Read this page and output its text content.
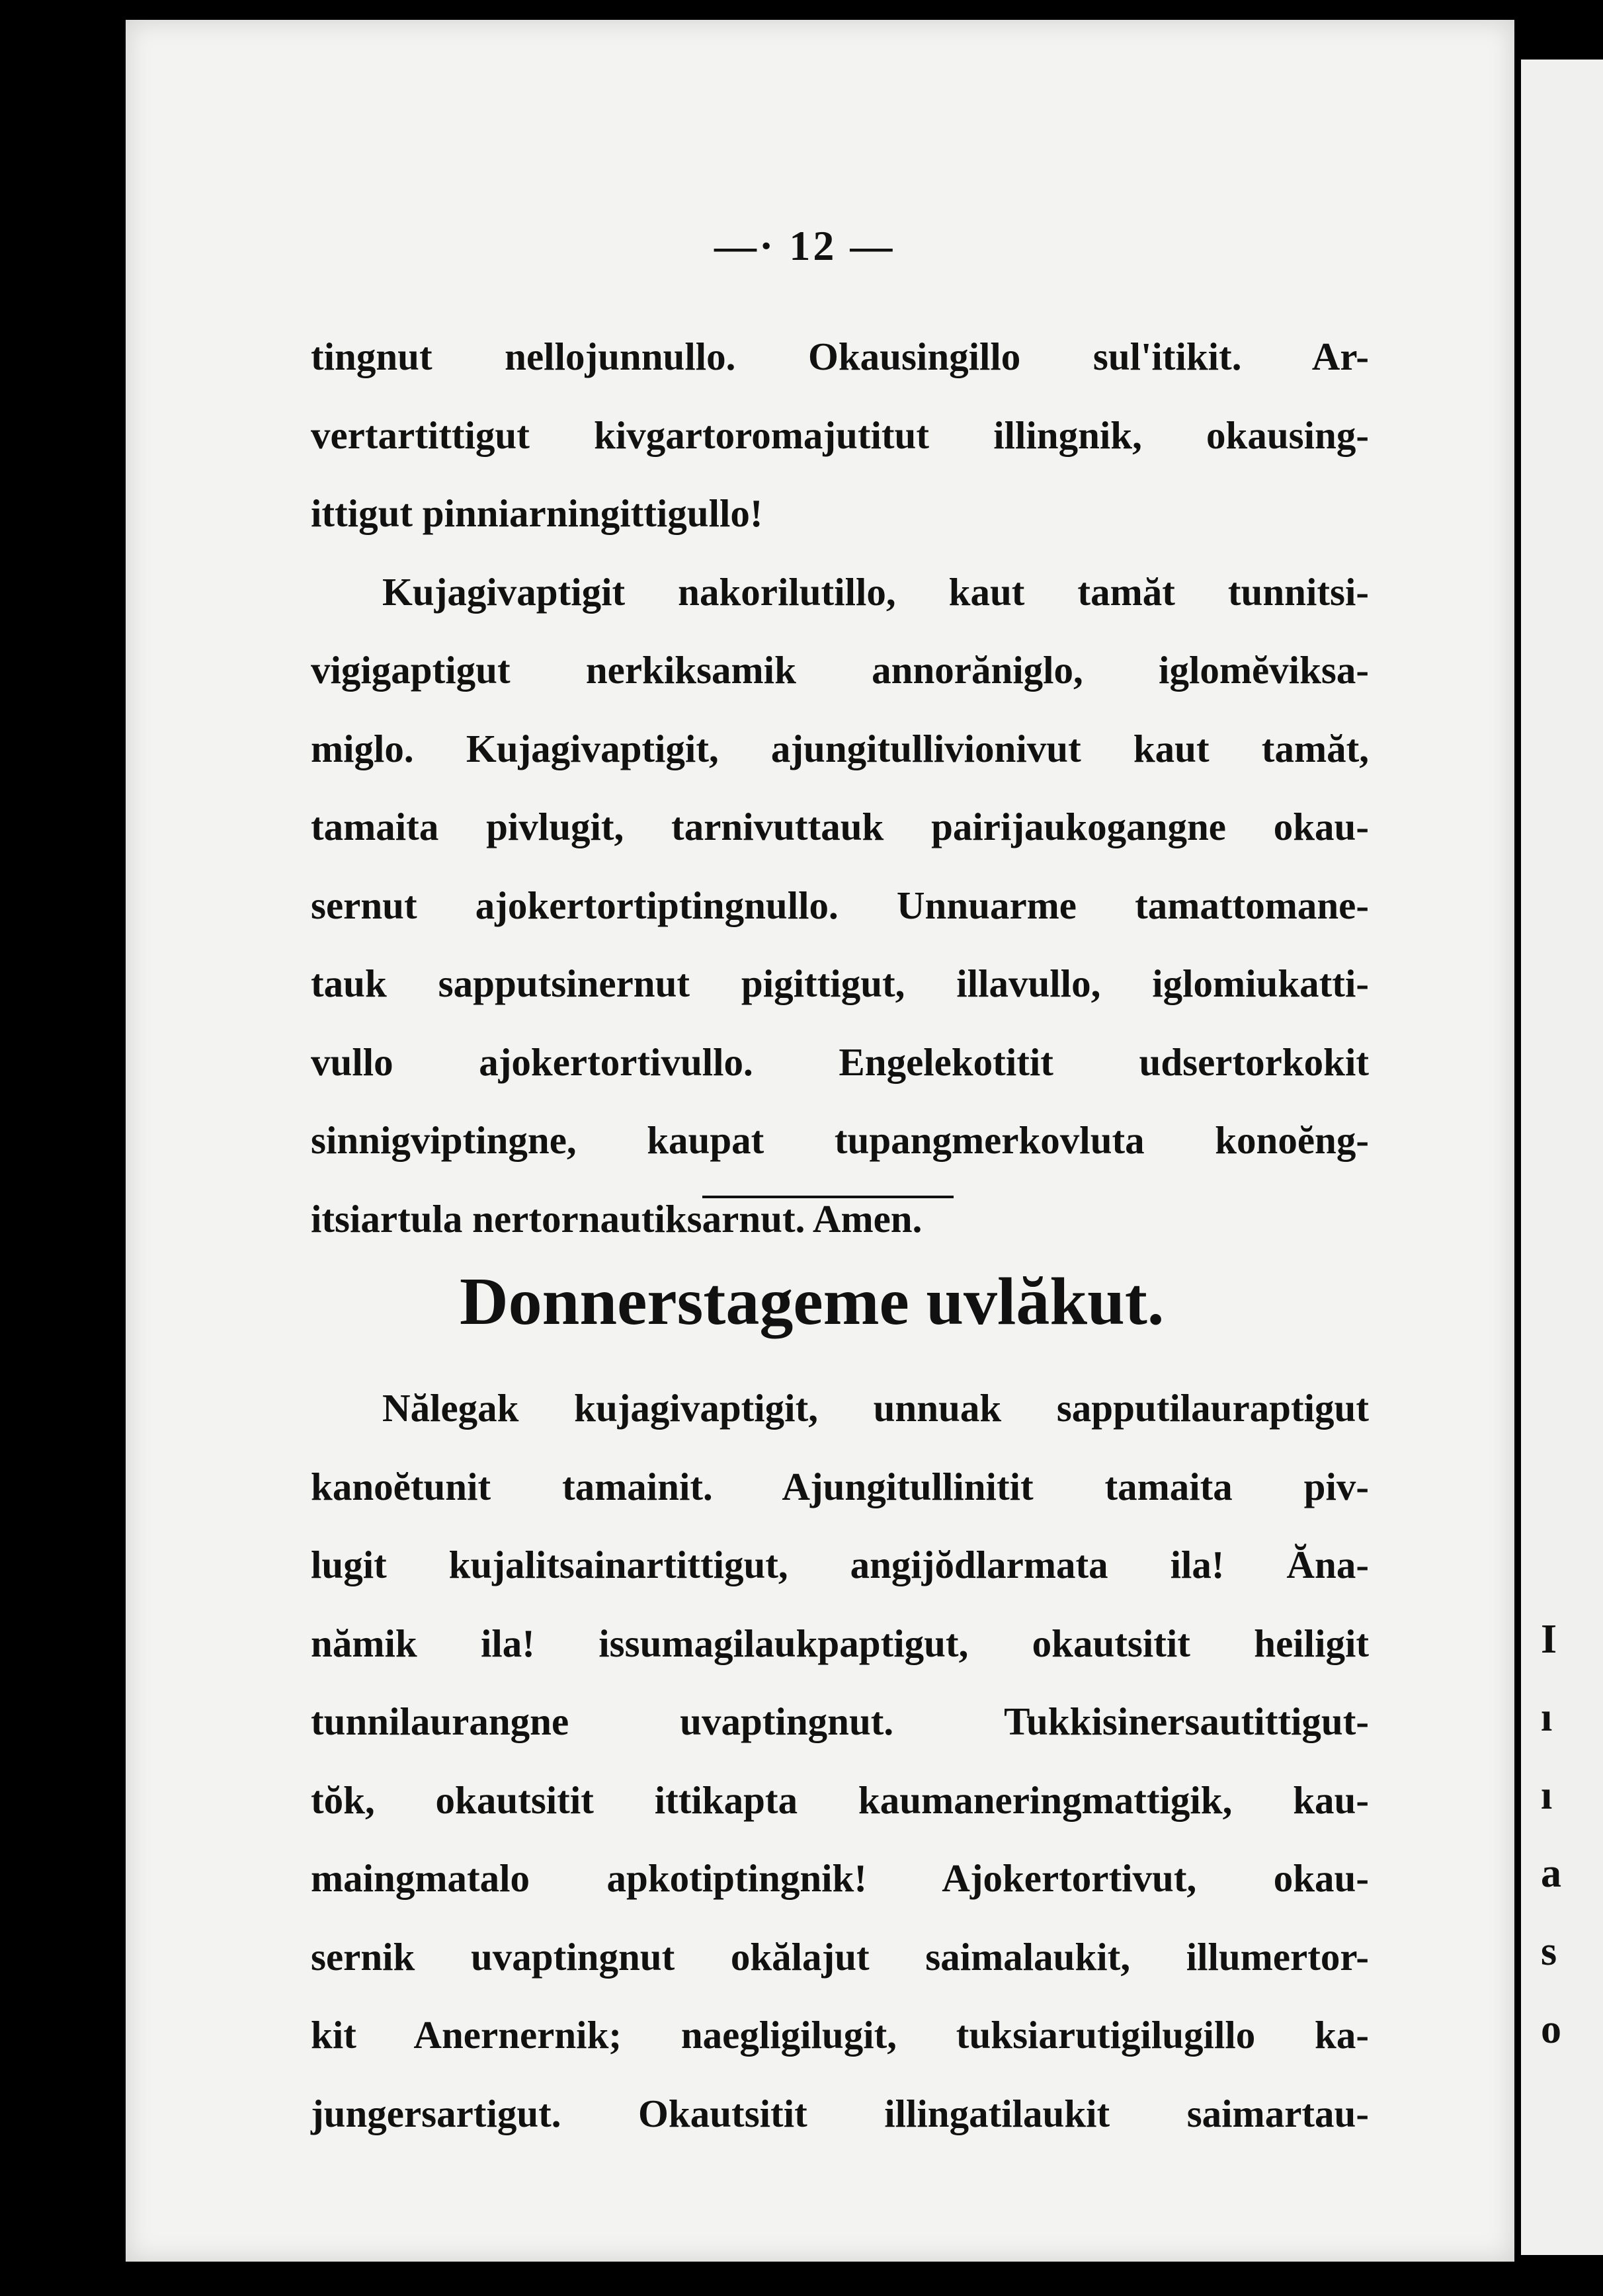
I
ı
ı
a
s
o
—· 12 —

tingnut nellojunnullo. Okausingillo sul'itikit. Ar-

vertartittigut kivgartoromajutitut illingnik, okausing-

ittigut pinniarningittigullo!

Kujagivaptigit nakorilutillo, kaut tamăt tunnitsi-

vigigaptigut nerkiksamik annorăniglo, iglomĕviksa-

miglo. Kujagivaptigit, ajungitullivionivut kaut tamăt,

tamaita pivlugit, tarnivuttauk pairijaukogangne okau-

sernut ajokertortiptingnullo. Unnuarme tamattomane-

tauk sapputsinernut pigittigut, illavullo, iglomiukatti-

vullo ajokertortivullo. Engelekotitit udsertorkokit

sinnigviptingne, kaupat tupangmerkovluta konoĕng-

itsiartula nertornautiksarnut. Amen.

Donnerstageme uvlăkut.

Nălegak kujagivaptigit, unnuak sapputilauraptigut

kanoĕtunit tamainit. Ajungitullinitit tamaita piv-

lugit kujalitsainartittigut, angijŏdlarmata ila! Ăna-

nămik ila! issumagilaukpaptigut, okautsitit heiligit

tunnilaurangne uvaptingnut. Tukkisinersautittigut-

tŏk, okautsitit ittikapta kaumaneringmattigik, kau-

maingmatalo apkotiptingnik! Ajokertortivut, okau-

sernik uvaptingnut okălajut saimalaukit, illumertor-

kit Anernernik; naegligilugit, tuksiarutigilugillo ka-

jungersartigut. Okautsitit illingatilaukit saimartau-
